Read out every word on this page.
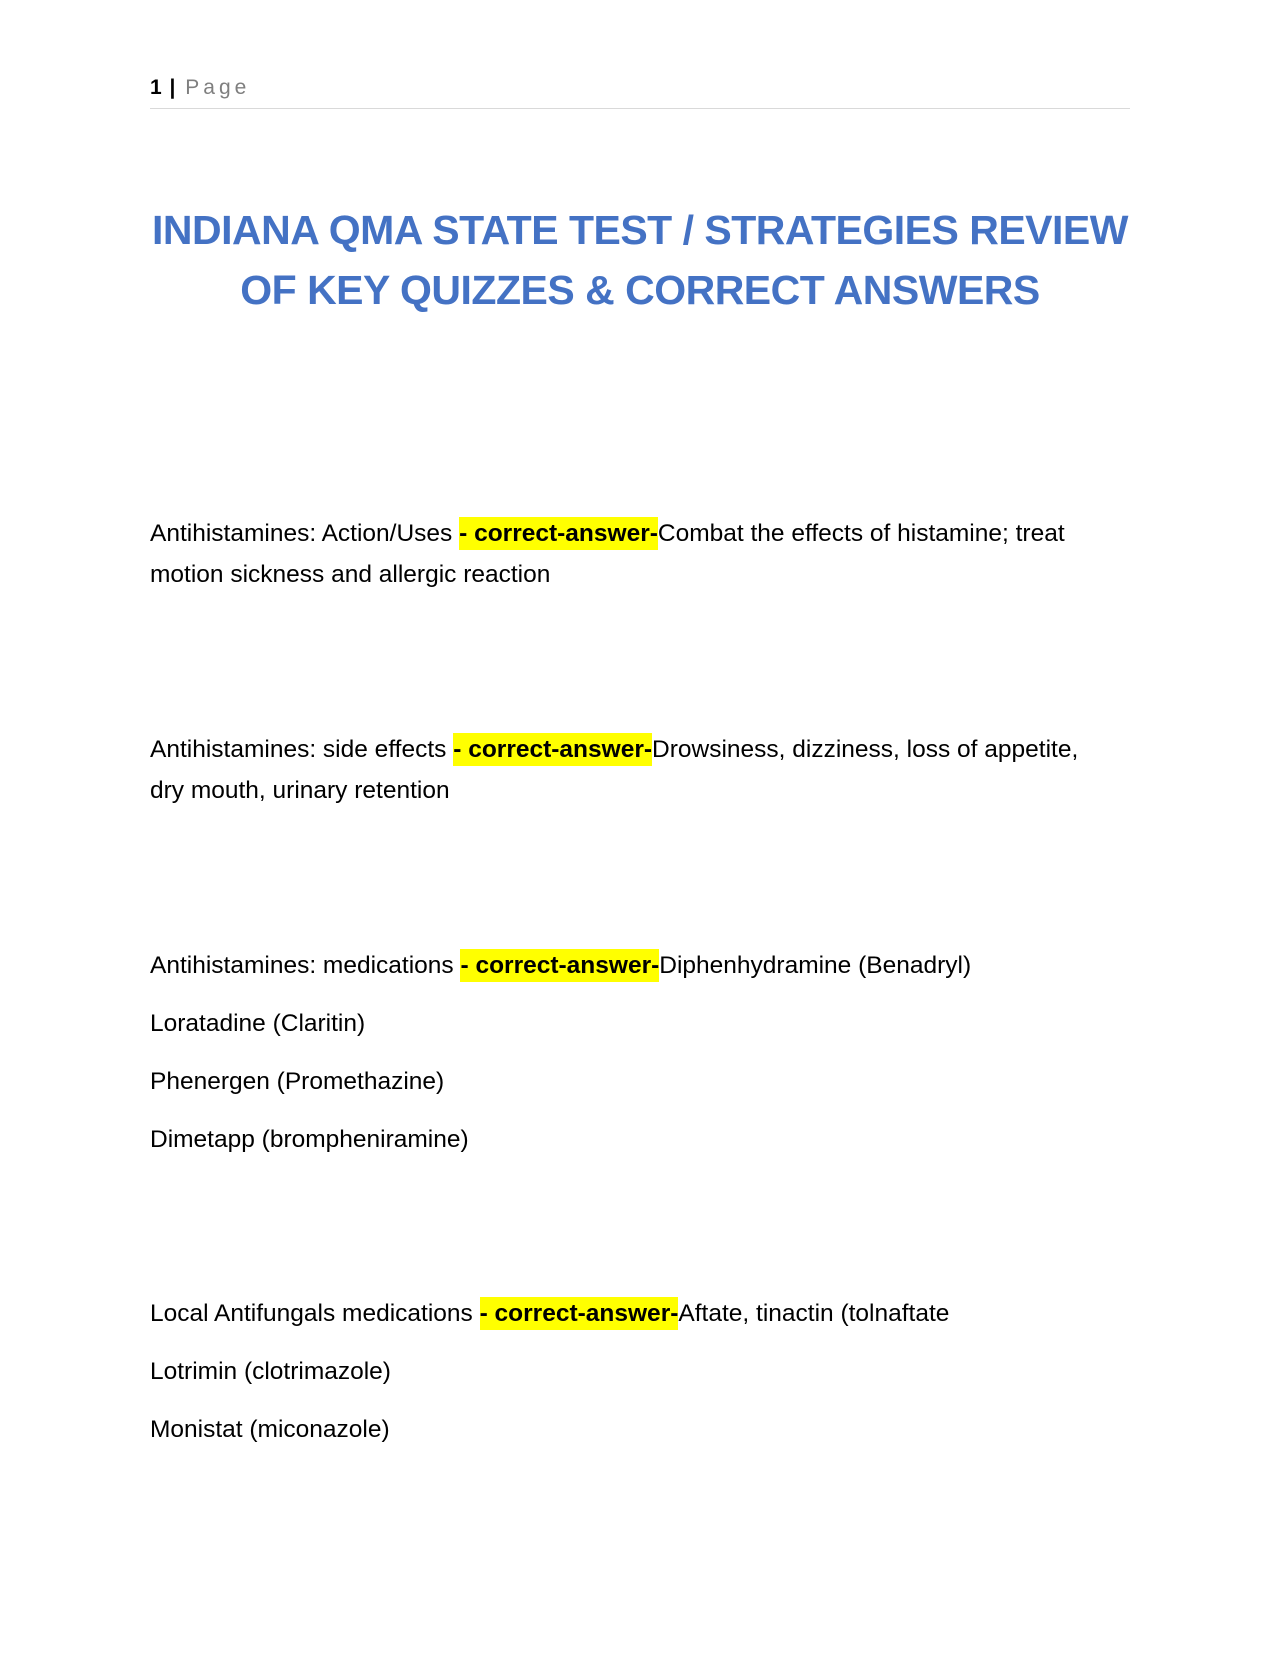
1 | Page
INDIANA QMA STATE TEST / STRATEGIES REVIEW
OF KEY QUIZZES & CORRECT ANSWERS

Antihistamines: Action/Uses - correct-answer-Combat the effects of histamine; treat motion sickness and allergic reaction

Antihistamines: side effects - correct-answer-Drowsiness, dizziness, loss of appetite, dry mouth, urinary retention

Antihistamines: medications - correct-answer-Diphenhydramine (Benadryl)

Loratadine (Claritin)

Phenergen (Promethazine)

Dimetapp (brompheniramine)

Local Antifungals medications - correct-answer-Aftate, tinactin (tolnaftate

Lotrimin (clotrimazole)

Monistat (miconazole)
